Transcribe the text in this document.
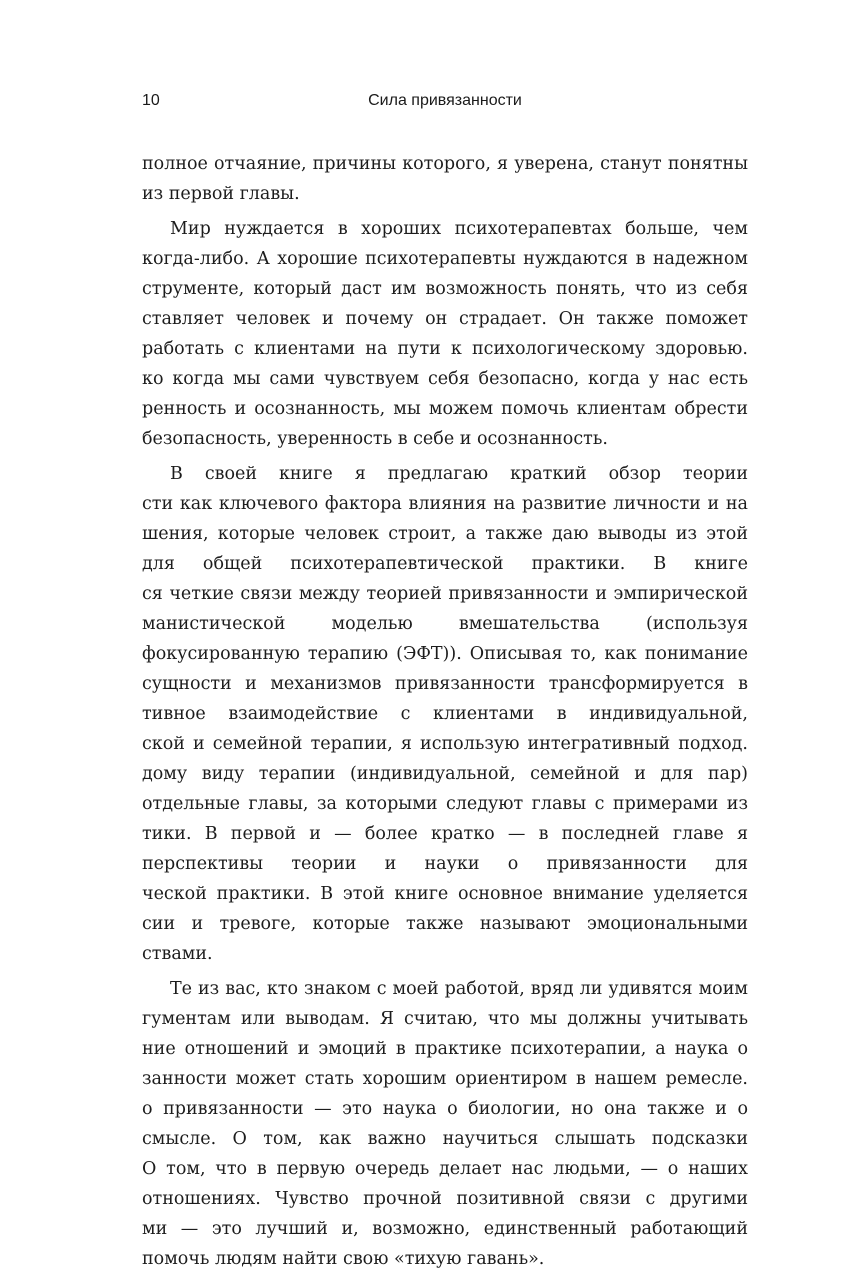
10	Сила привязанности
полное отчаяние, причины которого, я уверена, станут понятны
из первой главы.
Мир нуждается в хороших психотерапевтах больше, чем
когда-либо. А хорошие психотерапевты нуждаются в надежном
струменте, который даст им возможность понять, что из себя
ставляет человек и почему он страдает. Он также поможет
работать с клиентами на пути к психологическому здоровью.
ко когда мы сами чувствуем себя безопасно, когда у нас есть
ренность и осознанность, мы можем помочь клиентам обрести
безопасность, уверенность в себе и осознанность.
В своей книге я предлагаю краткий обзор теории
сти как ключевого фактора влияния на развитие личности и на
шения, которые человек строит, а также даю выводы из этой
для общей психотерапевтической практики. В книге
ся четкие связи между теорией привязанности и эмпирической
манистической моделью вмешательства (используя
фокусированную терапию (ЭФТ)). Описывая то, как понимание
сущности и механизмов привязанности трансформируется в
тивное взаимодействие с клиентами в индивидуальной,
ской и семейной терапии, я использую интегративный подход.
дому виду терапии (индивидуальной, семейной и для пар)
отдельные главы, за которыми следуют главы с примерами из
тики. В первой и — более кратко — в последней главе я
перспективы теории и науки о привязанности для
ческой практики. В этой книге основное внимание уделяется
сии и тревоге, которые также называют эмоциональными
ствами.
Те из вас, кто знаком с моей работой, вряд ли удивятся моим
гументам или выводам. Я считаю, что мы должны учитывать
ние отношений и эмоций в практике психотерапии, а наука о
занности может стать хорошим ориентиром в нашем ремесле.
о привязанности — это наука о биологии, но она также и о
смысле. О том, как важно научиться слышать подсказки
О том, что в первую очередь делает нас людьми, — о наших
отношениях. Чувство прочной позитивной связи с другими
ми — это лучший и, возможно, единственный работающий
помочь людям найти свою «тихую гавань».
